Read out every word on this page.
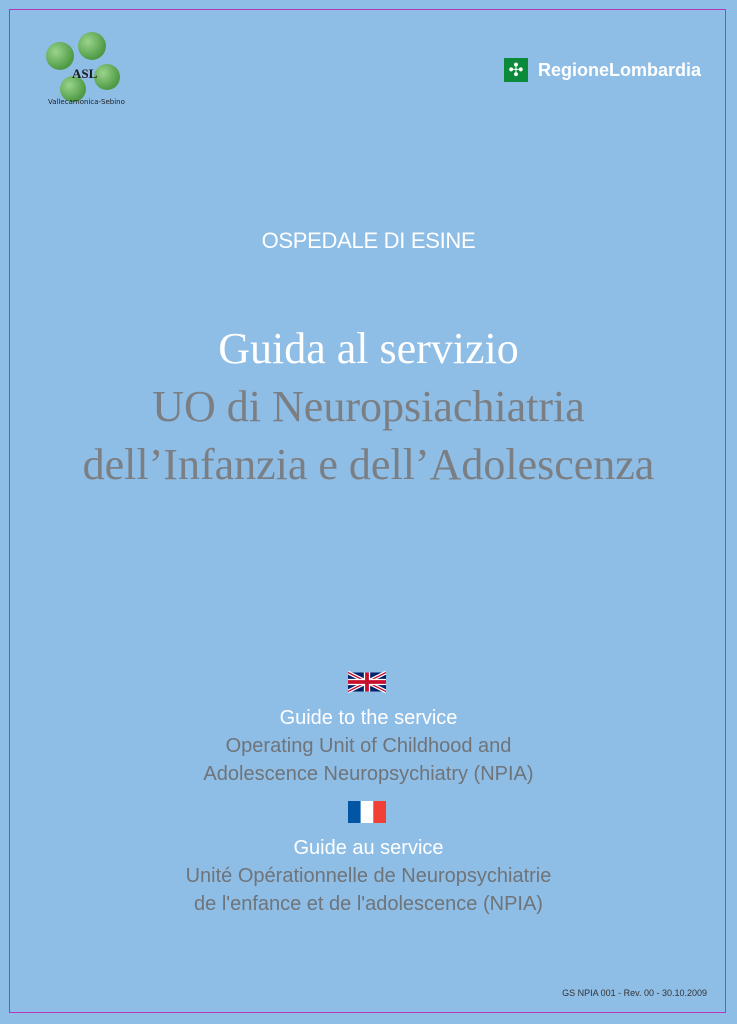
ASL
Vallecamonica-Sebino
✣ RegioneLombardia
OSPEDALE DI ESINE
Guida al servizio
UO di Neuropsiachiatria
dell’Infanzia e dell’Adolescenza
Guide to the service
Operating Unit of Childhood and
Adolescence Neuropsychiatry (NPIA)
Guide au service
Unité Opérationnelle de Neuropsychiatrie
de l'enfance et de l'adolescence (NPIA)
GS NPIA 001 - Rev. 00 - 30.10.2009
